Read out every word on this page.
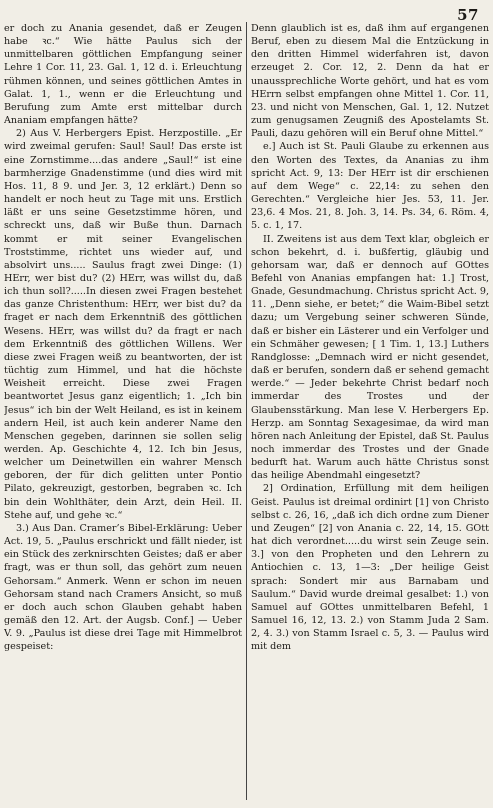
57

er doch zu Anania gesendet, daß er Zeugen habe ꝛc.“ Wie hätte Paulus sich der unmittelbaren göttlichen Empfangung seiner Lehre 1 Cor. 11, 23. Gal. 1, 12 d. i. Erleuchtung rühmen können, und seines göttlichen Amtes in Galat. 1, 1., wenn er die Erleuchtung und Berufung zum Amte erst mittelbar durch Ananiam empfangen hätte?

2) Aus V. Herbergers Epist. Herzpostille. „Er wird zweimal gerufen: Saul! Saul! Das erste ist eine Zornstimme....das andere „Saul!“ ist eine barmherzige Gnadenstimme (und dies wird mit Hos. 11, 8 9. und Jer. 3, 12 erklärt.) Denn so handelt er noch heut zu Tage mit uns. Erstlich läßt er uns seine Gesetzstimme hören, und schreckt uns, daß wir Buße thun. Darnach kommt er mit seiner Evangelischen Troststimme, richtet uns wieder auf, und absolvirt uns..... Saulus fragt zwei Dinge: (1) HErr, wer bist du? (2) HErr, was willst du, daß ich thun soll?.....In diesen zwei Fragen bestehet das ganze Christenthum: HErr, wer bist du? da fraget er nach dem Erkenntniß des göttlichen Wesens. HErr, was willst du? da fragt er nach dem Erkenntniß des göttlichen Willens. Wer diese zwei Fragen weiß zu beantworten, der ist tüchtig zum Himmel, und hat die höchste Weisheit erreicht. Diese zwei Fragen beantwortet Jesus ganz eigentlich; 1. „Ich bin Jesus“ ich bin der Welt Heiland, es ist in keinem andern Heil, ist auch kein anderer Name den Menschen gegeben, darinnen sie sollen selig werden. Ap. Geschichte 4, 12. Ich bin Jesus, welcher um Deinetwillen ein wahrer Mensch geboren, der für dich gelitten unter Pontio Pilato, gekreuzigt, gestorben, begraben ꝛc. Ich bin dein Wohlthäter, dein Arzt, dein Heil. II. Stehe auf, und gehe ꝛc.“

3.) Aus Dan. Cramer’s Bibel-Erklärung: Ueber Act. 19, 5. „Paulus erschrickt und fällt nieder, ist ein Stück des zerknirschten Geistes; daß er aber fragt, was er thun soll, das gehört zum neuen Gehorsam.“ Anmerk. Wenn er schon im neuen Gehorsam stand nach Cramers Ansicht, so muß er doch auch schon Glauben gehabt haben gemäß den 12. Art. der Augsb. Conf.] — Ueber V. 9. „Paulus ist diese drei Tage mit Himmelbrot gespeiset:

Denn glaublich ist es, daß ihm auf ergangenen Beruf, eben zu diesem Mal die Entzückung in den dritten Himmel widerfahren ist, davon erzeuget 2. Cor. 12, 2. Denn da hat er unaussprechliche Worte gehört, und hat es vom HErrn selbst empfangen ohne Mittel 1. Cor. 11, 23. und nicht von Menschen, Gal. 1, 12. Nutzet zum genugsamen Zeugniß des Apostelamts St. Pauli, dazu gehören will ein Beruf ohne Mittel.“

e.] Auch ist St. Pauli Glaube zu erkennen aus den Worten des Textes, da Ananias zu ihm spricht Act. 9, 13: Der HErr ist dir erschienen auf dem Wege“ c. 22,14: zu sehen den Gerechten.“ Vergleiche hier Jes. 53, 11. Jer. 23,6. 4 Mos. 21, 8. Joh. 3, 14. Ps. 34, 6. Röm. 4, 5. c. 1, 17.

II. Zweitens ist aus dem Text klar, obgleich er schon bekehrt, d. i. bußfertig, gläubig und gehorsam war, daß er dennoch auf GOttes Befehl von Ananias empfangen hat: 1.] Trost, Gnade, Gesundmachung. Christus spricht Act. 9, 11. „Denn siehe, er betet;“ die Waim-Bibel setzt dazu; um Vergebung seiner schweren Sünde, daß er bisher ein Lästerer und ein Verfolger und ein Schmäher gewesen; [ 1 Tim. 1, 13.] Luthers Randglosse: „Demnach wird er nicht gesendet, daß er berufen, sondern daß er sehend gemacht werde.“ — Jeder bekehrte Christ bedarf noch immerdar des Trostes und der Glaubensstärkung. Man lese V. Herbergers Ep. Herzp. am Sonntag Sexagesimae, da wird man hören nach Anleitung der Epistel, daß St. Paulus noch immerdar des Trostes und der Gnade bedurft hat. Warum auch hätte Christus sonst das heilige Abendmahl eingesetzt?

2] Ordination, Erfüllung mit dem heiligen Geist. Paulus ist dreimal ordinirt [1] von Christo selbst c. 26, 16, „daß ich dich ordne zum Diener und Zeugen“ [2] von Anania c. 22, 14, 15. GOtt hat dich verordnet.....du wirst sein Zeuge sein. 3.] von den Propheten und den Lehrern zu Antiochien c. 13, 1—3: „Der heilige Geist sprach: Sondert mir aus Barnabam und Saulum.“ David wurde dreimal gesalbet: 1.) von Samuel auf GOttes unmittelbaren Befehl, 1 Samuel 16, 12, 13. 2.) von Stamm Juda 2 Sam. 2, 4. 3.) von Stamm Israel c. 5, 3. — Paulus wird mit dem
